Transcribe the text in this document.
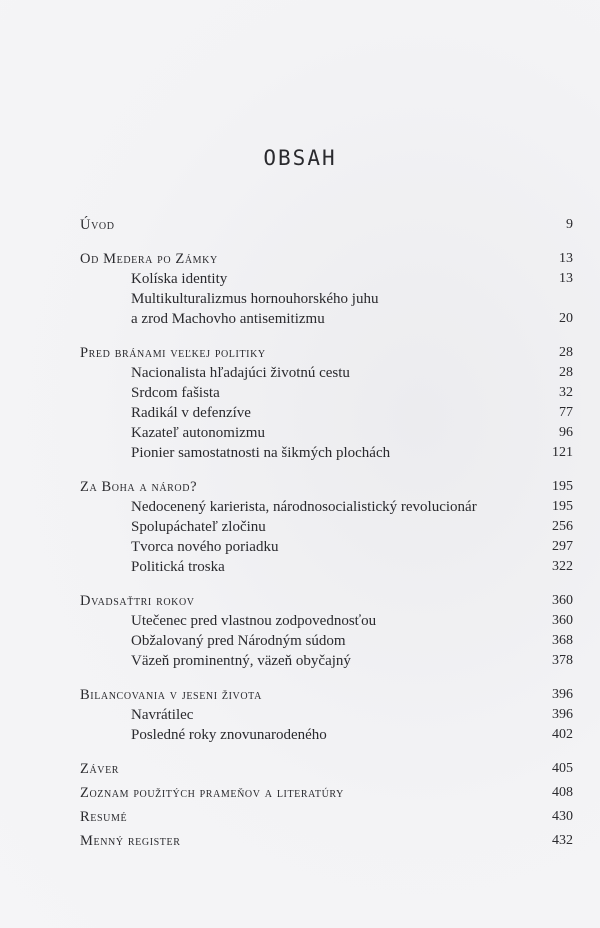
OBSAH
Úvod	9
Od Medera po Zámky	13
Kolíska identity	13
Multikulturalizmus hornouhorského juhu
a zrod Machovho antisemitizmu	20
Pred bránami veľkej politiky	28
Nacionalista hľadajúci životnú cestu	28
Srdcom fašista	32
Radikál v defenzíve	77
Kazateľ autonomizmu	96
Pionier samostatnosti na šikmých plochách	121
Za Boha a národ?	195
Nedocenený karierista, národnosocialistický revolucionár	195
Spolupáchateľ zločinu	256
Tvorca nového poriadku	297
Politická troska	322
Dvadsaťtri rokov	360
Utečenec pred vlastnou zodpovednosťou	360
Obžalovaný pred Národným súdom	368
Väzeň prominentný, väzeň obyčajný	378
Bilancovania v jeseni života	396
Navrátilec	396
Posledné roky znovunarodeného	402
Záver	405
Zoznam použitých prameňov a literatúry	408
Resumé	430
Menný register	432
